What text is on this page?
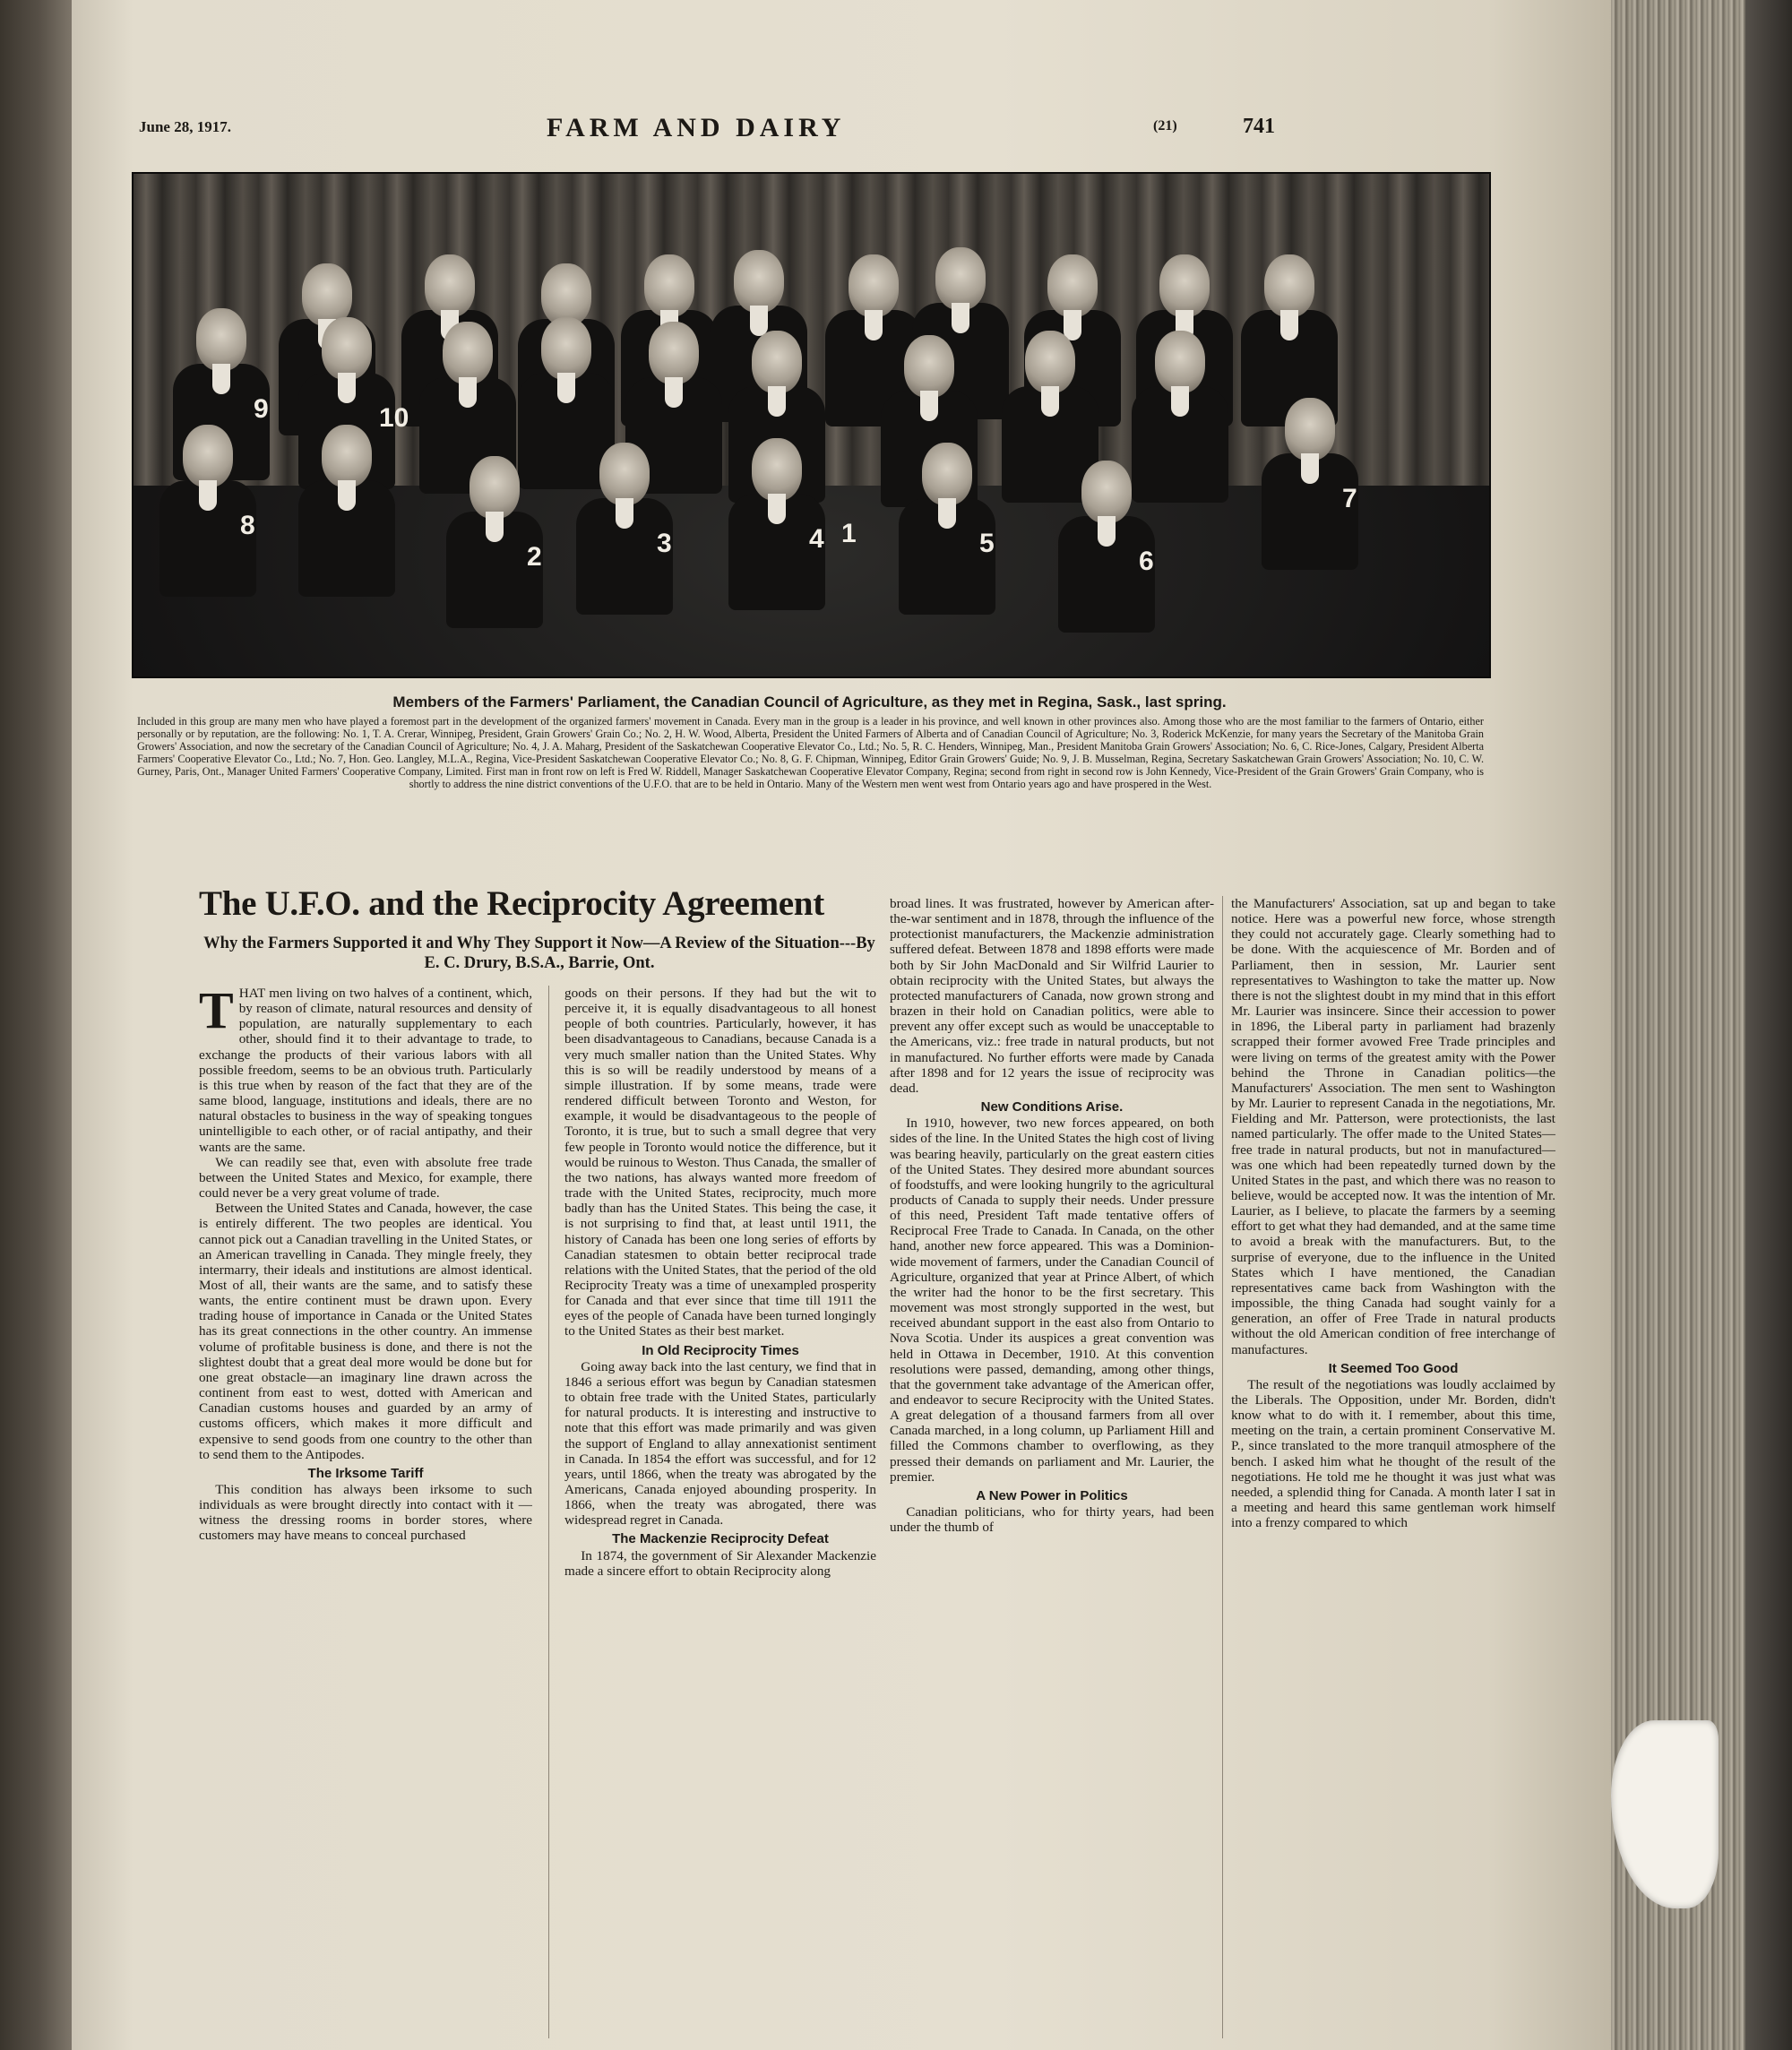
June 28, 1917.	FARM AND DAIRY	(21)	741
9	10
8
2	3	4	5
6
7
1
Members of the Farmers' Parliament, the Canadian Council of Agriculture, as they met in Regina, Sask., last spring.
Included in this group are many men who have played a foremost part in the development of the organized farmers' movement in Canada. Every man in the group is a leader in his province, and well known in other provinces also. Among those who are the most familiar to the farmers of Ontario, either personally or by reputation, are the following: No. 1, T. A. Crerar, Winnipeg, President, Grain Growers' Grain Co.; No. 2, H. W. Wood, Alberta, President the United Farmers of Alberta and of Canadian Council of Agriculture; No. 3, Roderick McKenzie, for many years the Secretary of the Manitoba Grain Growers' Association, and now the secretary of the Canadian Council of Agriculture; No. 4, J. A. Maharg, President of the Saskatchewan Cooperative Elevator Co., Ltd.; No. 5, R. C. Henders, Winnipeg, Man., President Manitoba Grain Growers' Association; No. 6, C. Rice-Jones, Calgary, President Alberta Farmers' Cooperative Elevator Co., Ltd.; No. 7, Hon. Geo. Langley, M.L.A., Regina, Vice-President Saskatchewan Cooperative Elevator Co.; No. 8, G. F. Chipman, Winnipeg, Editor Grain Growers' Guide; No. 9, J. B. Musselman, Regina, Secretary Saskatchewan Grain Growers' Association; No. 10, C. W. Gurney, Paris, Ont., Manager United Farmers' Cooperative Company, Limited. First man in front row on left is Fred W. Riddell, Manager Saskatchewan Cooperative Elevator Company, Regina; second from right in second row is John Kennedy, Vice-President of the Grain Growers' Grain Company, who is shortly to address the nine district conventions of the U.F.O. that are to be held in Ontario. Many of the Western men went west from Ontario years ago and have prospered in the West.
The U.F.O. and the Reciprocity Agreement
Why the Farmers Supported it and Why They Support it Now—A Review of the Situation---By E. C. Drury, B.S.A., Barrie, Ont.

THAT men living on two halves of a continent, which, by reason of climate, natural resources and density of population, are naturally supplementary to each other, should find it to their advantage to trade, to exchange the products of their various labors with all possible freedom, seems to be an obvious truth. Particularly is this true when by reason of the fact that they are of the same blood, language, institutions and ideals, there are no natural obstacles to business in the way of speaking tongues unintelligible to each other, or of racial antipathy, and their wants are the same.

We can readily see that, even with absolute free trade between the United States and Mexico, for example, there could never be a very great volume of trade.

Between the United States and Canada, however, the case is entirely different. The two peoples are identical. You cannot pick out a Canadian travelling in the United States, or an American travelling in Canada. They mingle freely, they intermarry, their ideals and institutions are almost identical. Most of all, their wants are the same, and to satisfy these wants, the entire continent must be drawn upon. Every trading house of importance in Canada or the United States has its great connections in the other country. An immense volume of profitable business is done, and there is not the slightest doubt that a great deal more would be done but for one great obstacle—an imaginary line drawn across the continent from east to west, dotted with American and Canadian customs houses and guarded by an army of customs officers, which makes it more difficult and expensive to send goods from one country to the other than to send them to the Antipodes.

The Irksome Tariff

This condition has always been irksome to such individuals as were brought directly into contact with it —witness the dressing rooms in border stores, where customers may have means to conceal purchased

goods on their persons. If they had but the wit to perceive it, it is equally disadvantageous to all honest people of both countries. Particularly, however, it has been disadvantageous to Canadians, because Canada is a very much smaller nation than the United States. Why this is so will be readily understood by means of a simple illustration. If by some means, trade were rendered difficult between Toronto and Weston, for example, it would be disadvantageous to the people of Toronto, it is true, but to such a small degree that very few people in Toronto would notice the difference, but it would be ruinous to Weston. Thus Canada, the smaller of the two nations, has always wanted more freedom of trade with the United States, reciprocity, much more badly than has the United States. This being the case, it is not surprising to find that, at least until 1911, the history of Canada has been one long series of efforts by Canadian statesmen to obtain better reciprocal trade relations with the United States, that the period of the old Reciprocity Treaty was a time of unexampled prosperity for Canada and that ever since that time till 1911 the eyes of the people of Canada have been turned longingly to the United States as their best market.

In Old Reciprocity Times

Going away back into the last century, we find that in 1846 a serious effort was begun by Canadian statesmen to obtain free trade with the United States, particularly for natural products. It is interesting and instructive to note that this effort was made primarily and was given the support of England to allay annexationist sentiment in Canada. In 1854 the effort was successful, and for 12 years, until 1866, when the treaty was abrogated by the Americans, Canada enjoyed abounding prosperity. In 1866, when the treaty was abrogated, there was widespread regret in Canada.

The Mackenzie Reciprocity Defeat

In 1874, the government of Sir Alexander Mackenzie made a sincere effort to obtain Reciprocity along

broad lines. It was frustrated, however by American after-the-war sentiment and in 1878, through the influence of the protectionist manufacturers, the Mackenzie administration suffered defeat. Between 1878 and 1898 efforts were made both by Sir John MacDonald and Sir Wilfrid Laurier to obtain reciprocity with the United States, but always the protected manufacturers of Canada, now grown strong and brazen in their hold on Canadian politics, were able to prevent any offer except such as would be unacceptable to the Americans, viz.: free trade in natural products, but not in manufactured. No further efforts were made by Canada after 1898 and for 12 years the issue of reciprocity was dead.

New Conditions Arise.

In 1910, however, two new forces appeared, on both sides of the line. In the United States the high cost of living was bearing heavily, particularly on the great eastern cities of the United States. They desired more abundant sources of foodstuffs, and were looking hungrily to the agricultural products of Canada to supply their needs. Under pressure of this need, President Taft made tentative offers of Reciprocal Free Trade to Canada. In Canada, on the other hand, another new force appeared. This was a Dominion-wide movement of farmers, under the Canadian Council of Agriculture, organized that year at Prince Albert, of which the writer had the honor to be the first secretary. This movement was most strongly supported in the west, but received abundant support in the east also from Ontario to Nova Scotia. Under its auspices a great convention was held in Ottawa in December, 1910. At this convention resolutions were passed, demanding, among other things, that the government take advantage of the American offer, and endeavor to secure Reciprocity with the United States. A great delegation of a thousand farmers from all over Canada marched, in a long column, up Parliament Hill and filled the Commons chamber to overflowing, as they pressed their demands on parliament and Mr. Laurier, the premier.

A New Power in Politics

Canadian politicians, who for thirty years, had been under the thumb of

the Manufacturers' Association, sat up and began to take notice. Here was a powerful new force, whose strength they could not accurately gage. Clearly something had to be done. With the acquiescence of Mr. Borden and of Parliament, then in session, Mr. Laurier sent representatives to Washington to take the matter up. Now there is not the slightest doubt in my mind that in this effort Mr. Laurier was insincere. Since their accession to power in 1896, the Liberal party in parliament had brazenly scrapped their former avowed Free Trade principles and were living on terms of the greatest amity with the Power behind the Throne in Canadian politics—the Manufacturers' Association. The men sent to Washington by Mr. Laurier to represent Canada in the negotiations, Mr. Fielding and Mr. Patterson, were protectionists, the last named particularly. The offer made to the United States—free trade in natural products, but not in manufactured—was one which had been repeatedly turned down by the United States in the past, and which there was no reason to believe, would be accepted now. It was the intention of Mr. Laurier, as I believe, to placate the farmers by a seeming effort to get what they had demanded, and at the same time to avoid a break with the manufacturers. But, to the surprise of everyone, due to the influence in the United States which I have mentioned, the Canadian representatives came back from Washington with the impossible, the thing Canada had sought vainly for a generation, an offer of Free Trade in natural products without the old American condition of free interchange of manufactures.

It Seemed Too Good

The result of the negotiations was loudly acclaimed by the Liberals. The Opposition, under Mr. Borden, didn't know what to do with it. I remember, about this time, meeting on the train, a certain prominent Conservative M. P., since translated to the more tranquil atmosphere of the bench. I asked him what he thought of the result of the negotiations. He told me he thought it was just what was needed, a splendid thing for Canada. A month later I sat in a meeting and heard this same gentleman work himself into a frenzy compared to which
